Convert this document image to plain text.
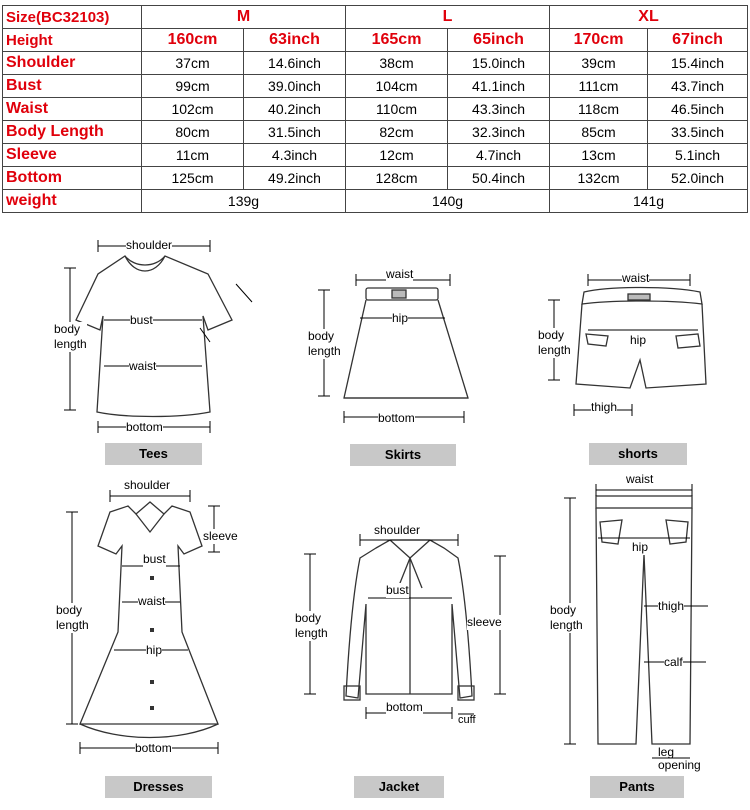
Size(BC32103)	M		L		XL	
Height	160cm	63inch	165cm	65inch	170cm	67inch
Shoulder	37cm	14.6inch	38cm	15.0inch	39cm	15.4inch
Bust	99cm	39.0inch	104cm	41.1inch	111cm	43.7inch
Waist	102cm	40.2inch	110cm	43.3inch	118cm	46.5inch
Body Length	80cm	31.5inch	82cm	32.3inch	85cm	33.5inch
Sleeve	11cm	4.3inch	12cm	4.7inch	13cm	5.1inch
Bottom	125cm	49.2inch	128cm	50.4inch	132cm	52.0inch
weight	139g		140g		141g	
shoulder
body
length
bust
waist
bottom
Tees
waist
hip
body
length
bottom
Skirts
waist
hip
body
length
thigh
shorts
shoulder
sleeve
bust
waist
hip
body
length
bottom
Dresses
shoulder
bust
sleeve
body
length
bottom
cuff
Jacket
waist
hip
thigh
calf
body
length
leg
opening
Pants
